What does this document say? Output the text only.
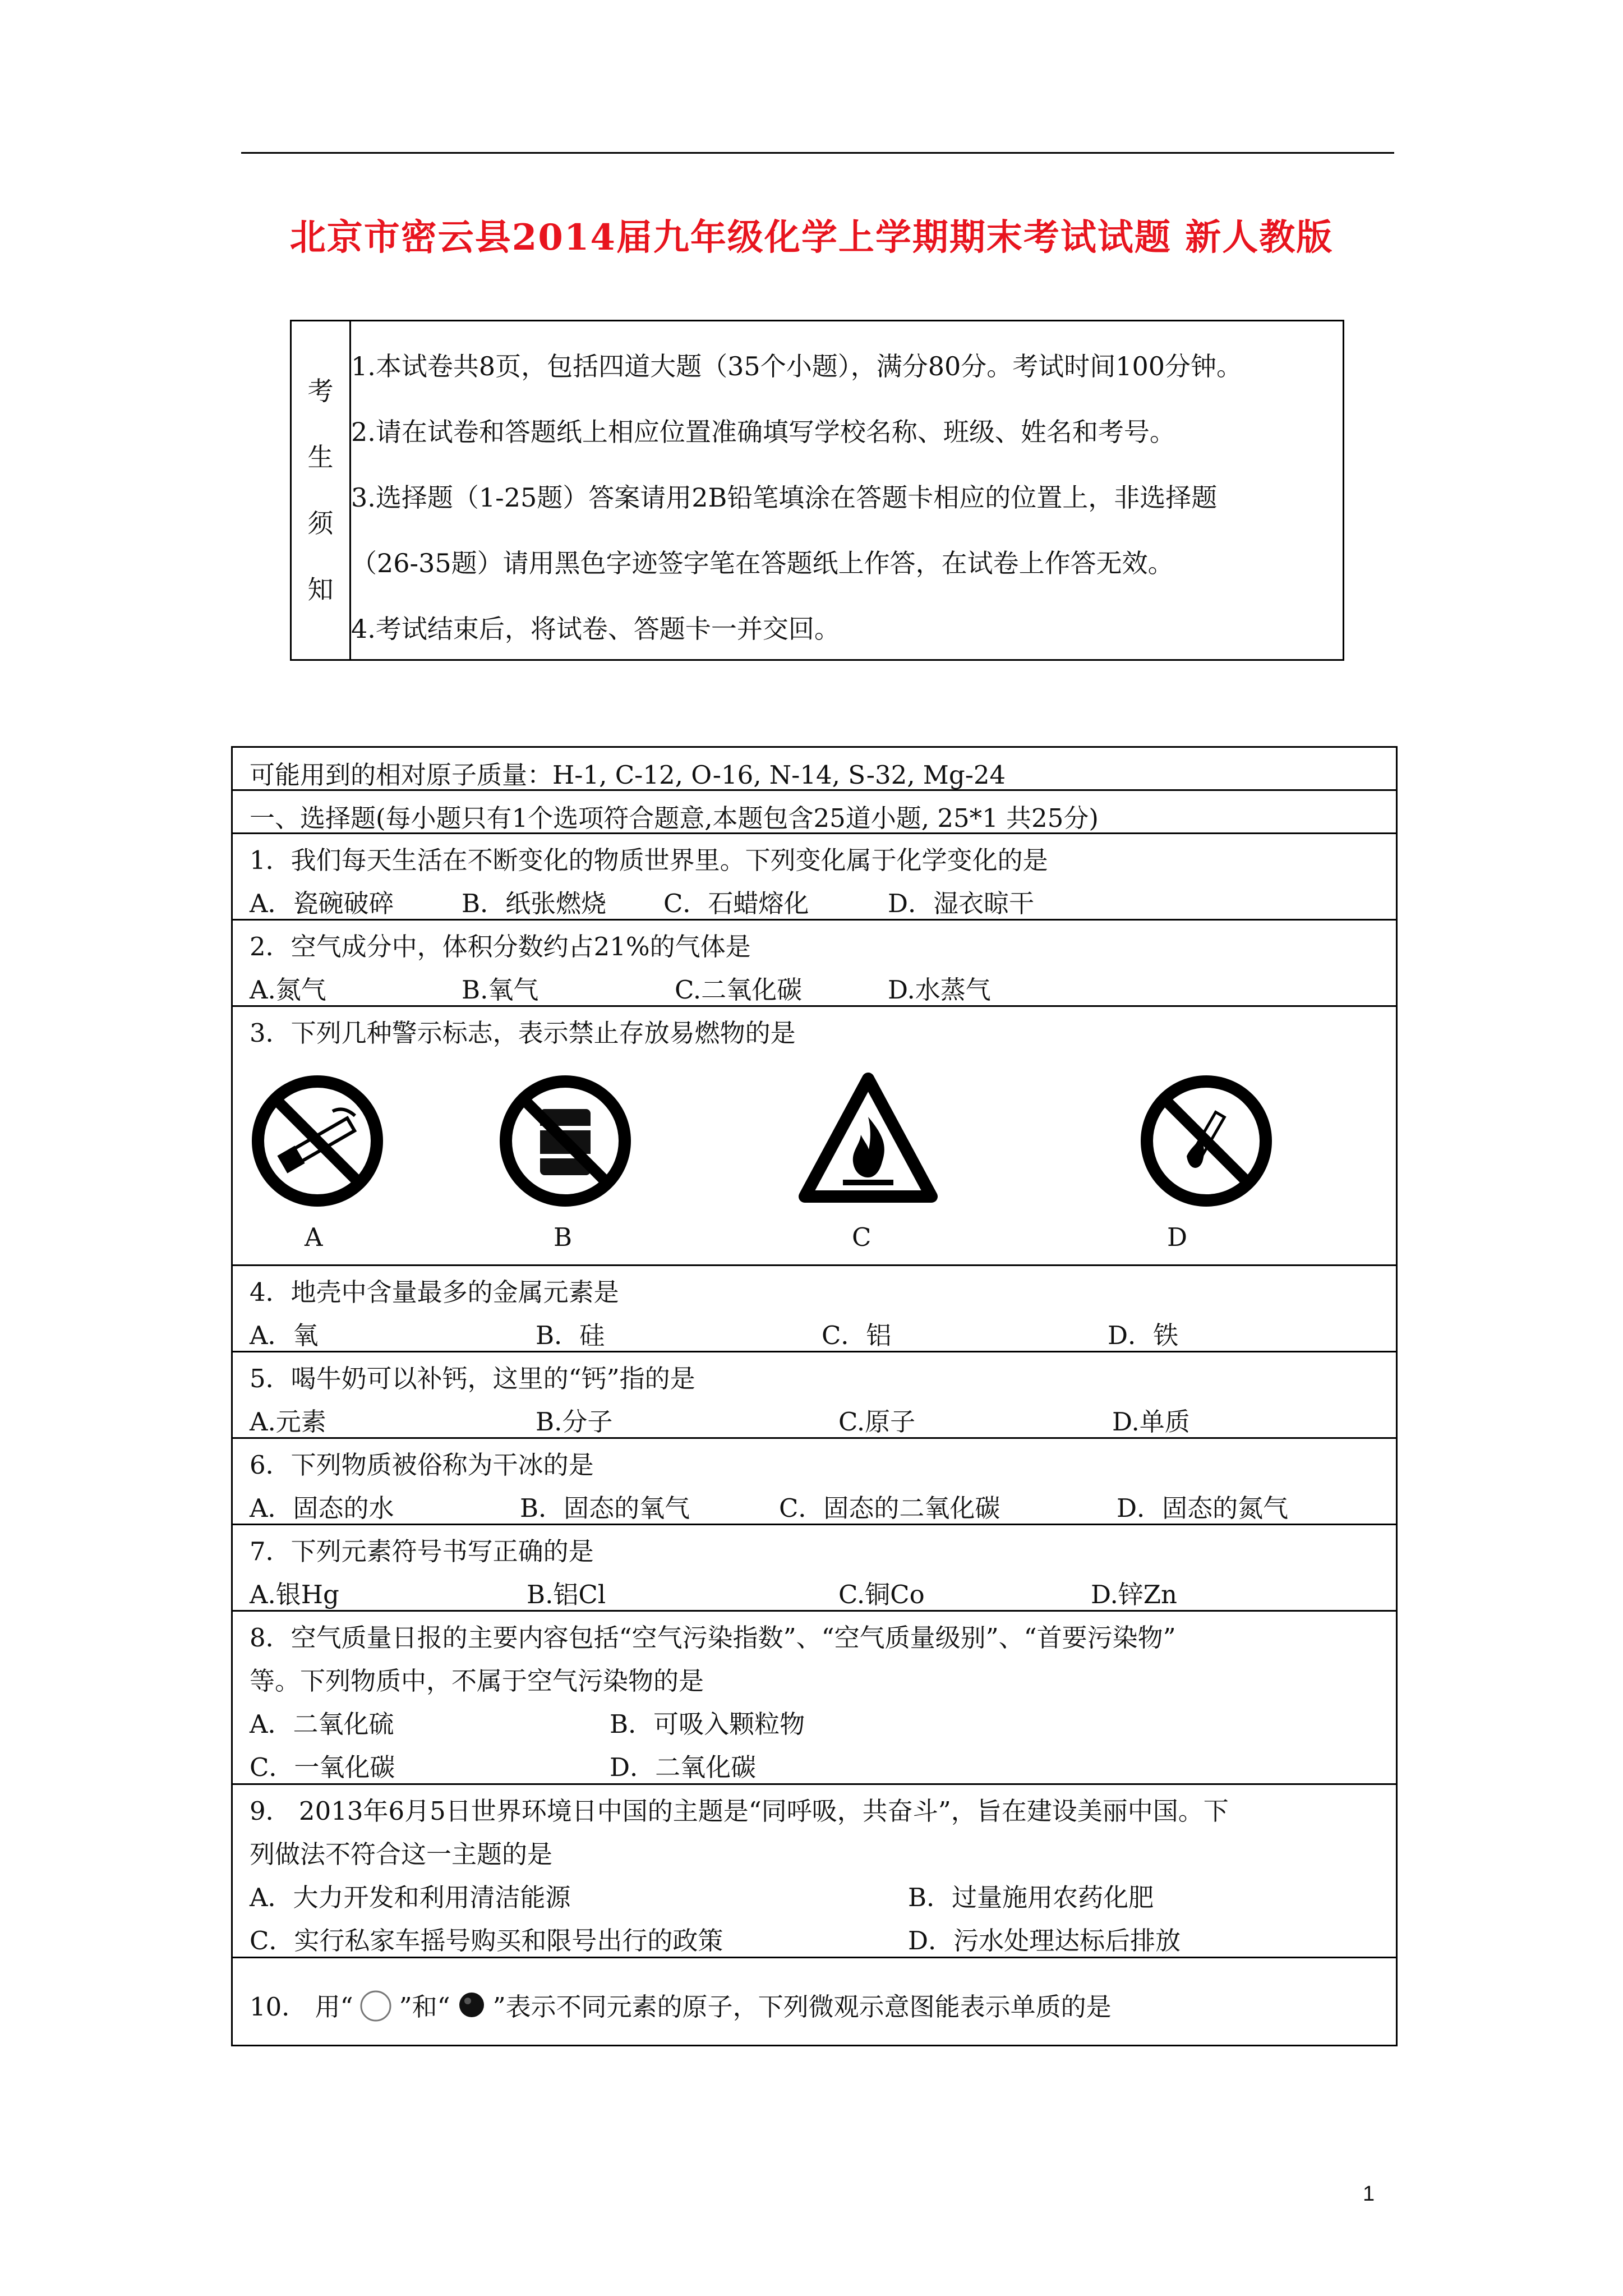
北京市密云县2014届九年级化学上学期期末考试试题 新人教版
考
生
须
知
1.本试卷共8页，包括四道大题（35个小题），满分80分。考试时间100分钟。
2.请在试卷和答题纸上相应位置准确填写学校名称、班级、姓名和考号。
3.选择题（1-25题）答案请用2B铅笔填涂在答题卡相应的位置上，非选择题
（26-35题）请用黑色字迹签字笔在答题纸上作答，在试卷上作答无效。
4.考试结束后，将试卷、答题卡一并交回。
可能用到的相对原子质量：H-1, C-12, O-16, N-14, S-32, Mg-24
一、选择题(每小题只有1个选项符合题意,本题包含25道小题, 25*1 共25分)
1．我们每天生活在不断变化的物质世界里。下列变化属于化学变化的是
A．瓷碗破碎	B．纸张燃烧 C．石蜡熔化	D．湿衣晾干
2．空气成分中，体积分数约占21%的气体是
A.氮气	B.氧气	C.二氧化碳	D.水蒸气
3．下列几种警示标志，表示禁止存放易燃物的是
A	B	C	D
4．地壳中含量最多的金属元素是
A．氧	B．硅	C．铝	D．铁
5．喝牛奶可以补钙，这里的“钙”指的是
A.元素	B.分子	C.原子	D.单质
6．下列物质被俗称为干冰的是
A．固态的水	B．固态的氧气	C．固态的二氧化碳	D．固态的氮气
7．下列元素符号书写正确的是
A.银Hg	B.铝Cl	C.铜Co	D.锌Zn
8．空气质量日报的主要内容包括“空气污染指数”、“空气质量级别”、“首要污染物”
等。下列物质中，不属于空气污染物的是
A．二氧化硫	B．可吸入颗粒物
C．一氧化碳	D．二氧化碳
9． 2013年6月5日世界环境日中国的主题是“同呼吸，共奋斗”，旨在建设美丽中国。下
列做法不符合这一主题的是
A．大力开发和利用清洁能源	B．过量施用农药化肥
C．实行私家车摇号购买和限号出行的政策	D．污水处理达标后排放
10． 用“ ”和“ ”表示不同元素的原子，下列微观示意图能表示单质的是
1
